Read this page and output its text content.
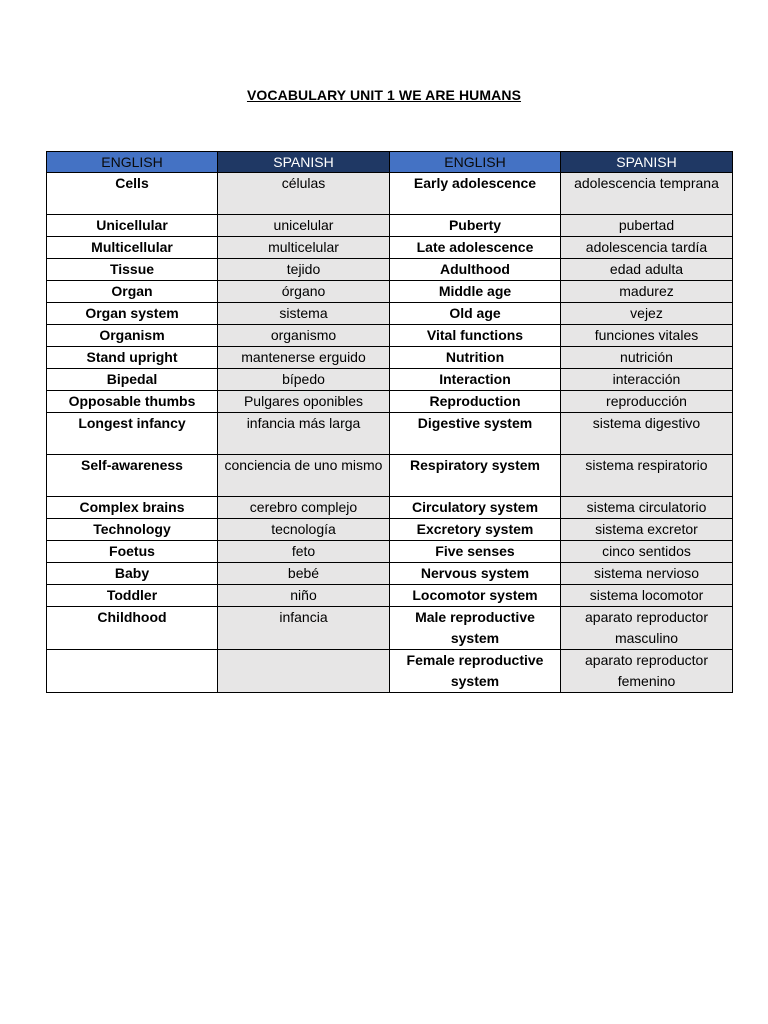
VOCABULARY UNIT 1 WE ARE HUMANS
ENGLISH	SPANISH	ENGLISH	SPANISH
Cells	células	Early adolescence	adolescencia temprana
Unicellular	unicelular	Puberty	pubertad
Multicellular	multicelular	Late adolescence	adolescencia tardía
Tissue	tejido	Adulthood	edad adulta
Organ	órgano	Middle age	madurez
Organ system	sistema	Old age	vejez
Organism	organismo	Vital functions	funciones vitales
Stand upright	mantenerse erguido	Nutrition	nutrición
Bipedal	bípedo	Interaction	interacción
Opposable thumbs	Pulgares oponibles	Reproduction	reproducción
Longest infancy	infancia más larga	Digestive system	sistema digestivo
Self-awareness	conciencia de uno mismo	Respiratory system	sistema respiratorio
Complex brains	cerebro complejo	Circulatory system	sistema circulatorio
Technology	tecnología	Excretory system	sistema excretor
Foetus	feto	Five senses	cinco sentidos
Baby	bebé	Nervous system	sistema nervioso
Toddler	niño	Locomotor system	sistema locomotor
Childhood	infancia	Male reproductive system	aparato reproductor masculino
		Female reproductive system	aparato reproductor femenino
